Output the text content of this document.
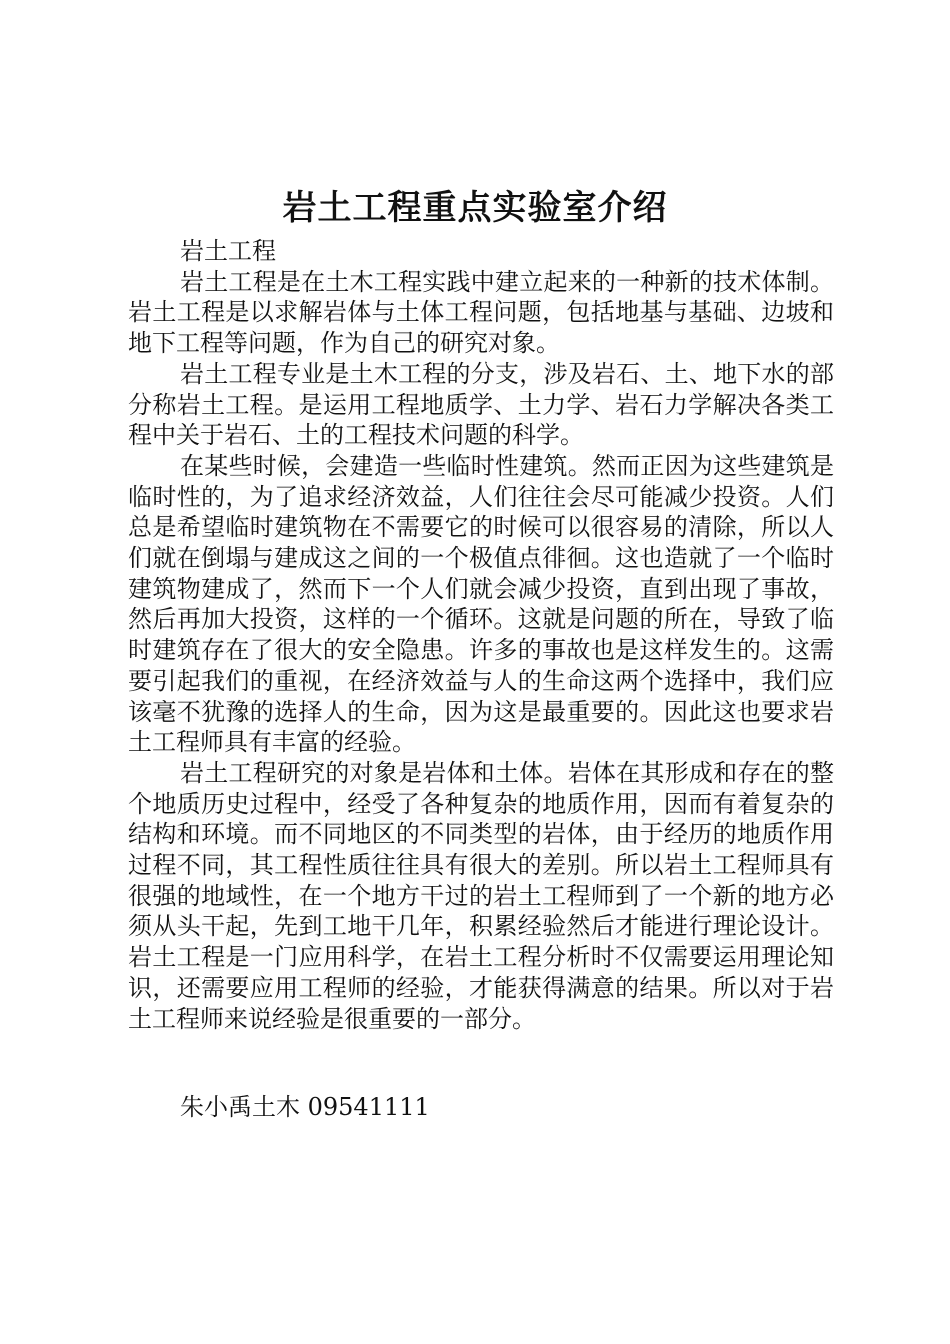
岩土工程重点实验室介绍

岩土工程

岩土工程是在土木工程实践中建立起来的一种新的技术体制。岩土工程是以求解岩体与土体工程问题，包括地基与基础、边坡和地下工程等问题，作为自己的研究对象。

岩土工程专业是土木工程的分支，涉及岩石、土、地下水的部分称岩土工程。是运用工程地质学、土力学、岩石力学解决各类工程中关于岩石、土的工程技术问题的科学。

在某些时候，会建造一些临时性建筑。然而正因为这些建筑是临时性的，为了追求经济效益，人们往往会尽可能减少投资。人们总是希望临时建筑物在不需要它的时候可以很容易的清除，所以人们就在倒塌与建成这之间的一个极值点徘徊。这也造就了一个临时建筑物建成了，然而下一个人们就会减少投资，直到出现了事故，然后再加大投资，这样的一个循环。这就是问题的所在，导致了临时建筑存在了很大的安全隐患。许多的事故也是这样发生的。这需要引起我们的重视，在经济效益与人的生命这两个选择中，我们应该毫不犹豫的选择人的生命，因为这是最重要的。因此这也要求岩土工程师具有丰富的经验。

岩土工程研究的对象是岩体和土体。岩体在其形成和存在的整个地质历史过程中，经受了各种复杂的地质作用，因而有着复杂的结构和环境。而不同地区的不同类型的岩体，由于经历的地质作用过程不同，其工程性质往往具有很大的差别。所以岩土工程师具有很强的地域性，在一个地方干过的岩土工程师到了一个新的地方必须从头干起，先到工地干几年，积累经验然后才能进行理论设计。岩土工程是一门应用科学，在岩土工程分析时不仅需要运用理论知识，还需要应用工程师的经验，才能获得满意的结果。所以对于岩土工程师来说经验是很重要的一部分。

朱小禹土木 09541111
